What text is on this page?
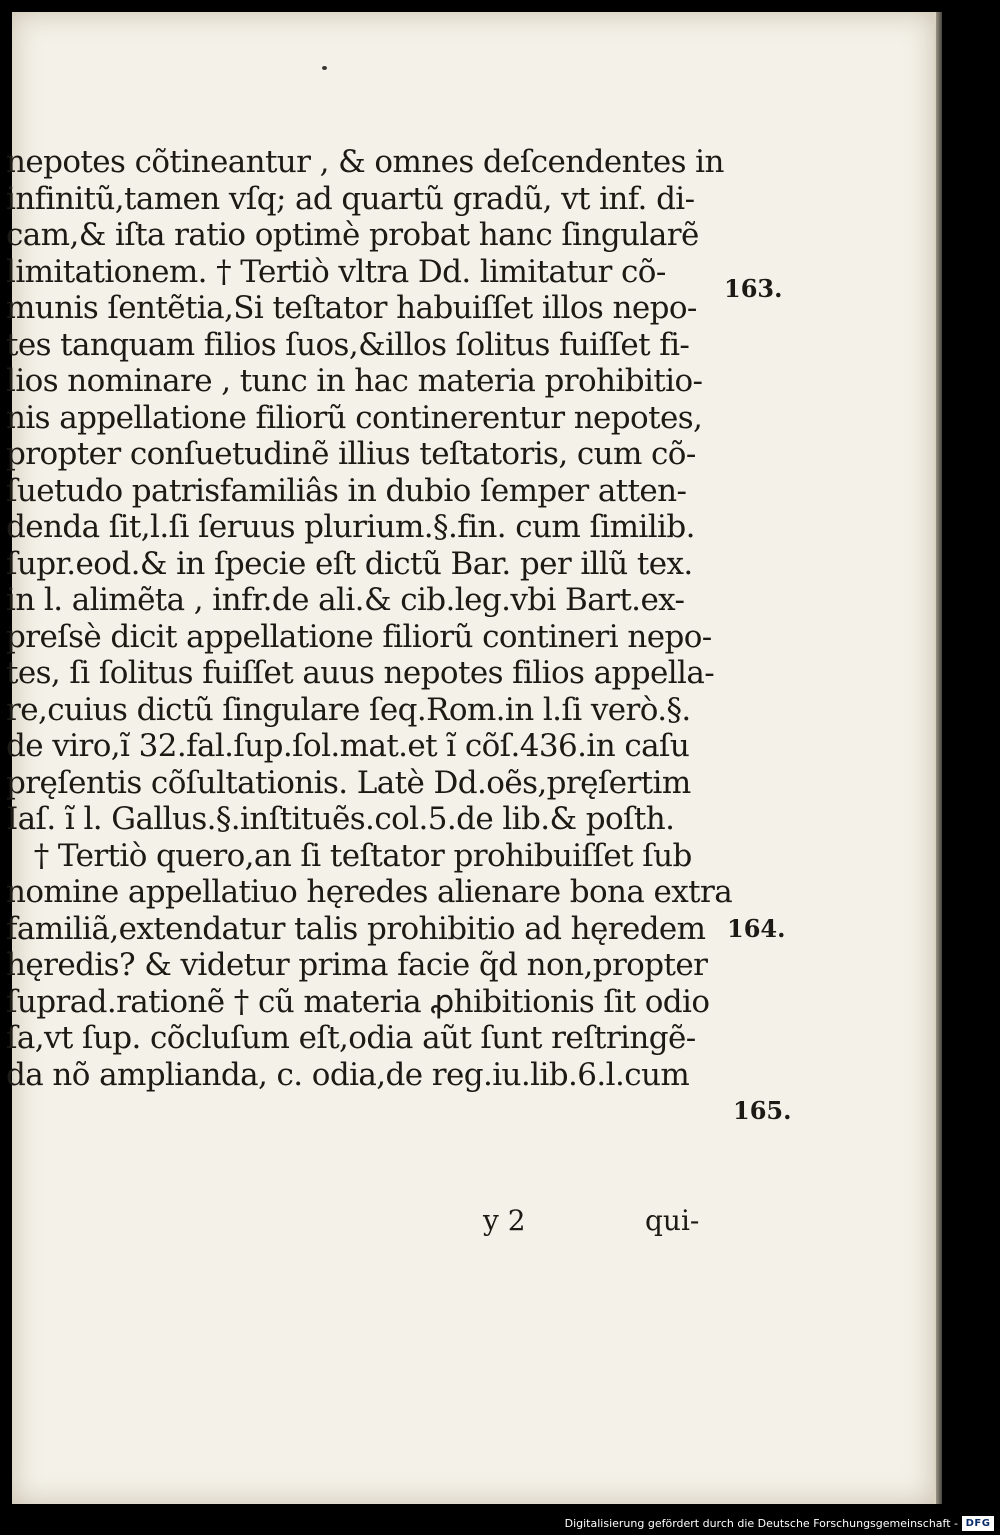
nepotes cõtineantur , & omnes deſcendentes in
infinitũ,tamen vſq; ad quartũ gradũ, vt inf. di-
cam,& iſta ratio optimè probat hanc ſingularẽ
limitationem. † Tertiò vltra Dd. limitatur cõ-
munis ſentẽtia,Si teſtator habuiſſet illos nepo-
tes tanquam filios ſuos,&illos ſolitus fuiſſet fi-
lios nominare , tunc in hac materia prohibitio-
nis appellatione filiorũ continerentur nepotes,
propter conſuetudinẽ illius teſtatoris, cum cõ-
ſuetudo patrisfamiliâs in dubio ſemper atten-
denda ſit,l.ſi ſeruus plurium.§.fin. cum ſimilib.
ſupr.eod.& in ſpecie eſt dictũ Bar. per illũ tex.
in l. alimẽta , infr.de ali.& cib.leg.vbi Bart.ex-
preſsè dicit appellatione filiorũ contineri nepo-
tes, ſi ſolitus fuiſſet auus nepotes filios appella-
re,cuius dictũ ſingulare ſeq.Rom.in l.ſi verò.§.
de viro,ĩ 32.fal.ſup.ſol.mat.et ĩ cõſ.436.in caſu
pręſentis cõſultationis. Latè Dd.oẽs,pręſertim
Iaſ. ĩ l. Gallus.§.inſtituẽs.col.5.de lib.& poſth.
† Tertiò quero,an ſi teſtator prohibuiſſet ſub
nomine appellatiuo hęredes alienare bona extra
familiã,extendatur talis prohibitio ad hęredem
hęredis? & videtur prima facie q̃d non,propter
ſuprad.rationẽ † cũ materia ꝓhibitionis ſit odio
ſa,vt ſup. cõcluſum eſt,odia aũt ſunt reſtringẽ-
da nõ amplianda, c. odia,de reg.iu.lib.6.l.cum
163.
164.
165.

y 2	qui-
Digitalisierung gefördert durch die Deutsche Forschungsgemeinschaft - DFG
